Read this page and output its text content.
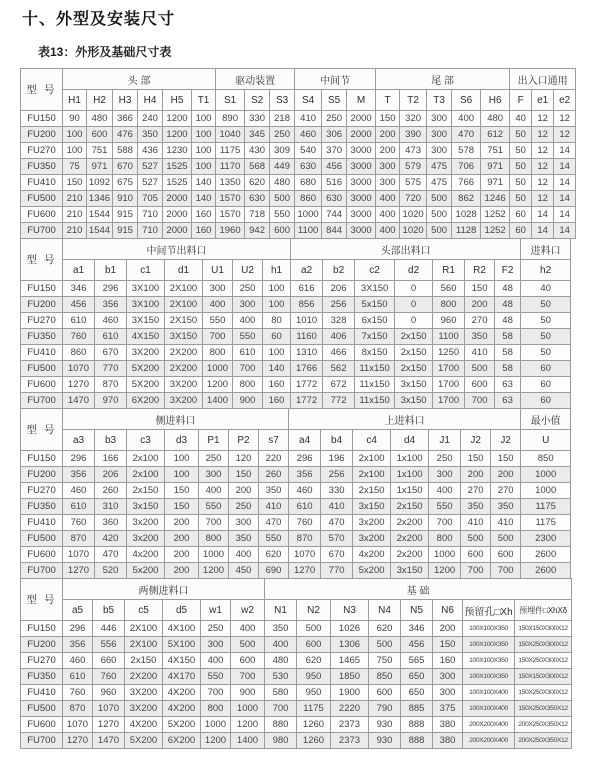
十、外型及安装尺寸
表13：外形及基础尺寸表
型 号	头 部						驱动装置			中间节			尾 部					出入口通用		
	H1	H2	H3	H4	H5	T1	S1	S2	S3	S4	S5	M	T	T2	T3	S6	H6	F	e1	e2
FU150	90	480	366	240	1200	100	890	330	218	410	250	2000	150	320	300	400	480	40	12	12
FU200	100	600	476	350	1200	100	1040	345	250	460	306	2000	200	390	300	470	612	50	12	12
FU270	100	751	588	436	1230	100	1175	430	309	540	370	3000	200	473	300	578	751	50	12	14
FU350	75	971	670	527	1525	100	1170	568	449	630	456	3000	300	579	475	706	971	50	12	14
FU410	150	1092	675	527	1525	140	1350	620	480	680	516	3000	300	575	475	766	971	50	12	14
FU500	210	1346	910	705	2000	140	1570	630	500	860	630	3000	400	720	500	862	1246	50	12	14
FU600	210	1544	915	710	2000	160	1570	718	550	1000	744	3000	400	1020	500	1028	1252	60	14	14
FU700	210	1544	915	710	2000	160	1960	942	600	1100	844	3000	400	1020	500	1128	1252	60	14	14
型 号	中间节出料口							头部出料口							进料口
	a1	b1	c1	d1	U1	U2	h1	a2	b2	c2	d2	R1	R2	F2	h2
FU150	346	296	3X100	2X100	300	250	100	616	206	3X150	0	560	150	48	40
FU200	456	356	3X100	2X100	400	300	100	856	256	5x150	0	800	200	48	50
FU270	610	460	3X150	2X150	550	400	80	1010	328	6x150	0	960	270	48	50
FU350	760	610	4X150	3X150	700	550	60	1160	406	7x150	2x150	1100	350	58	50
FU410	860	670	3X200	2X200	800	610	100	1310	466	8x150	2x150	1250	410	58	50
FU500	1070	770	5X200	2X200	1000	700	140	1766	562	11x150	2x150	1700	500	58	60
FU600	1270	870	5X200	3X200	1200	800	160	1772	672	11x150	3x150	1700	600	63	60
FU700	1470	970	6X200	3X200	1400	900	160	1772	772	11x150	3x150	1700	700	63	60
型 号	侧进料口							上进料口							最小值
	a3	b3	c3	d3	P1	P2	s7	a4	b4	c4	d4	J1	J2	J2	U
FU150	296	166	2x100	100	250	120	220	296	196	2x100	1x100	250	150	150	850
FU200	356	206	2x100	100	300	150	260	356	256	2x100	1x100	300	200	200	1000
FU270	460	260	2x150	150	400	200	350	460	330	2x150	1x150	400	270	270	1000
FU350	610	310	3x150	150	550	250	410	610	410	3x150	2x150	550	350	350	1175
FU410	760	360	3x200	200	700	300	470	760	470	3x200	2x200	700	410	410	1175
FU500	870	420	3x200	200	800	350	550	870	570	3x200	2x200	800	500	500	2300
FU600	1070	470	4x200	200	1000	400	620	1070	670	4x200	2x200	1000	600	600	2600
FU700	1270	520	5x200	200	1200	450	690	1270	770	5x200	3x150	1200	700	700	2600
型 号	两侧进料口						基 础							
	a5	b5	c5	d5	w1	w2	N1	N2	N3	N4	N5	N6	预留孔□Xh	预埋件□XhXδ
FU150	296	446	2X100	4X100	250	400	350	500	1026	620	346	200	100X100X350	150X150X300X12
FU200	356	556	2X100	5X100	300	500	400	600	1306	500	456	150	100X100X350	150X250X300X12
FU270	460	660	2x150	4X150	400	600	480	620	1465	750	565	160	100X100X350	150X250X300X12
FU350	610	760	2X200	4X170	550	700	530	950	1850	850	650	300	100X100X350	150X150X300X12
FU410	760	960	3X200	4X200	700	900	580	950	1900	600	650	300	100X100X400	150X250X300X12
FU500	870	1070	3X200	4X200	800	1000	700	1175	2220	790	885	375	100X100X400	150X250X350X12
FU600	1070	1270	4X200	5X200	1000	1200	880	1260	2373	930	888	380	200X200X400	200X250X350X12
FU700	1270	1470	5X200	6X200	1200	1400	980	1260	2373	930	888	380	200X200X400	200X250X350X12
